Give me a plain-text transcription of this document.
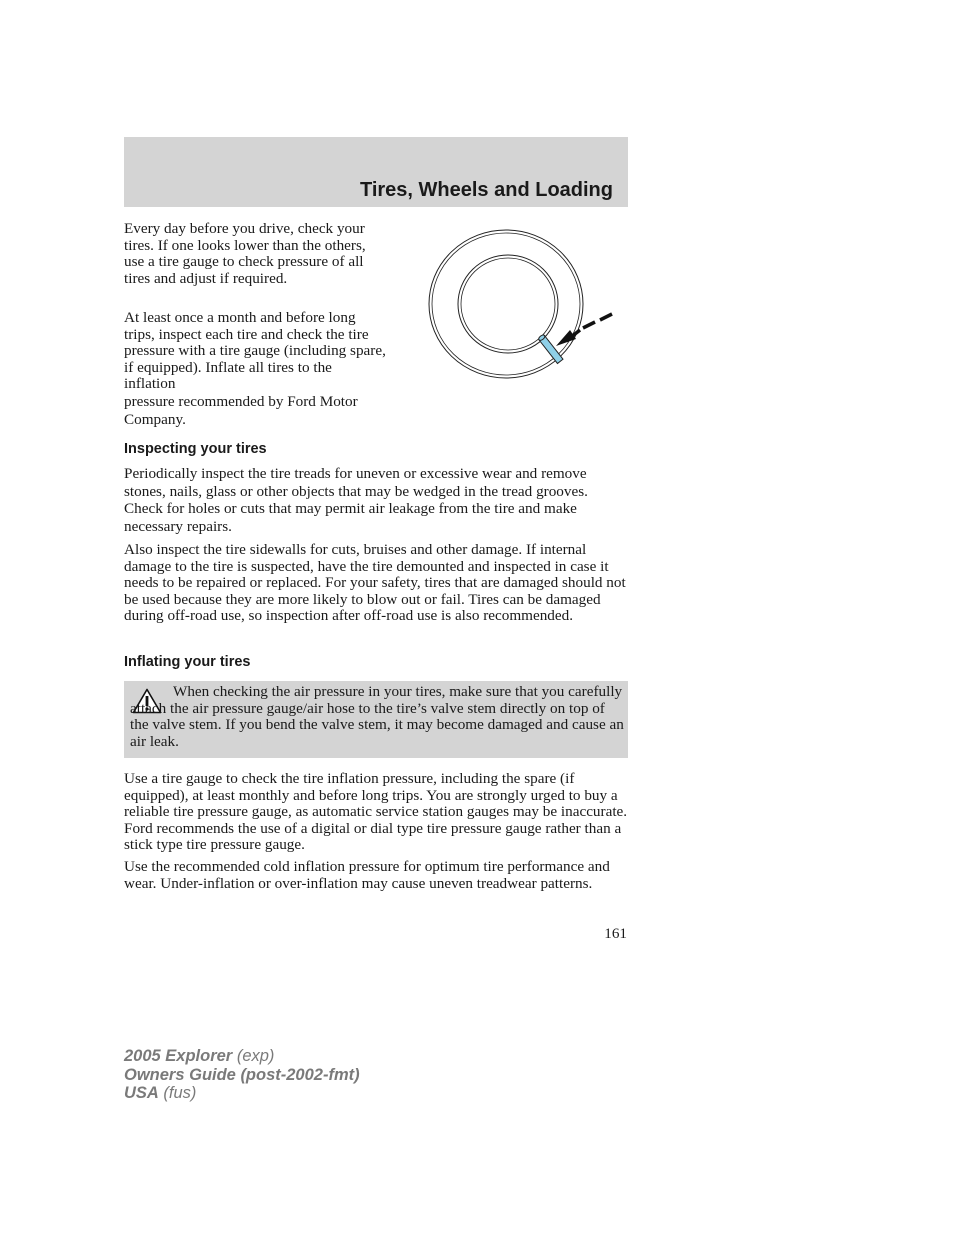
Tires, Wheels and Loading

Every day before you drive, check your tires. If one looks lower than the others, use a tire gauge to check pressure of all tires and adjust if required.

At least once a month and before long trips, inspect each tire and check the tire pressure with a tire gauge (including spare, if equipped). Inflate all tires to the inflation
pressure recommended by Ford Motor Company.

Inspecting your tires

Periodically inspect the tire treads for uneven or excessive wear and remove stones, nails, glass or other objects that may be wedged in the tread grooves. Check for holes or cuts that may permit air leakage from the tire and make necessary repairs.

Also inspect the tire sidewalls for cuts, bruises and other damage. If internal damage to the tire is suspected, have the tire demounted and inspected in case it needs to be repaired or replaced. For your safety, tires that are damaged should not be used because they are more likely to blow out or fail. Tires can be damaged during off-road use, so inspection after off-road use is also recommended.

Inflating your tires

When checking the air pressure in your tires, make sure that you carefully attach the air pressure gauge/air hose to the tire’s valve stem directly on top of the valve stem. If you bend the valve stem, it may become damaged and cause an air leak.

Use a tire gauge to check the tire inflation pressure, including the spare (if equipped), at least monthly and before long trips. You are strongly urged to buy a reliable tire pressure gauge, as automatic service station gauges may be inaccurate. Ford recommends the use of a digital or dial type tire pressure gauge rather than a stick type tire pressure gauge.

Use the recommended cold inflation pressure for optimum tire performance and wear. Under-inflation or over-inflation may cause uneven treadwear patterns.

161

2005 Explorer (exp)
Owners Guide (post-2002-fmt)
USA (fus)
